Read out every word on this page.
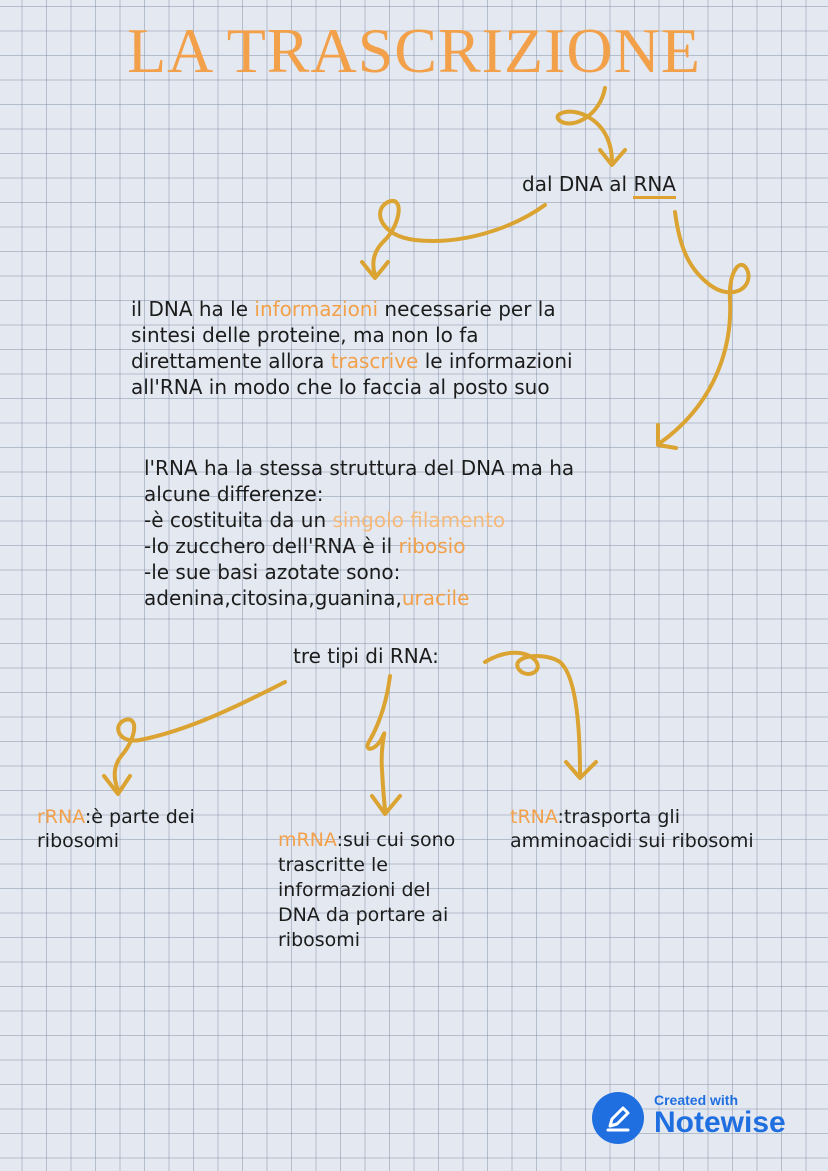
LA TRASCRIZIONE
dal DNA al RNA
il DNA ha le informazioni necessarie per la
sintesi delle proteine, ma non lo fa
direttamente allora trascrive le informazioni
all'RNA in modo che lo faccia al posto suo
l'RNA ha la stessa struttura del DNA ma ha
alcune differenze:
-è costituita da un singolo filamento
-lo zucchero dell'RNA è il ribosio
-le sue basi azotate sono:
adenina,citosina,guanina,uracile
tre tipi di RNA:
rRNA:è parte dei
ribosomi	mRNA:sui cui sono
trascritte le
informazioni del
DNA da portare ai
ribosomi
tRNA:trasporta gli
amminoacidi sui ribosomi
Created with
Notewise
